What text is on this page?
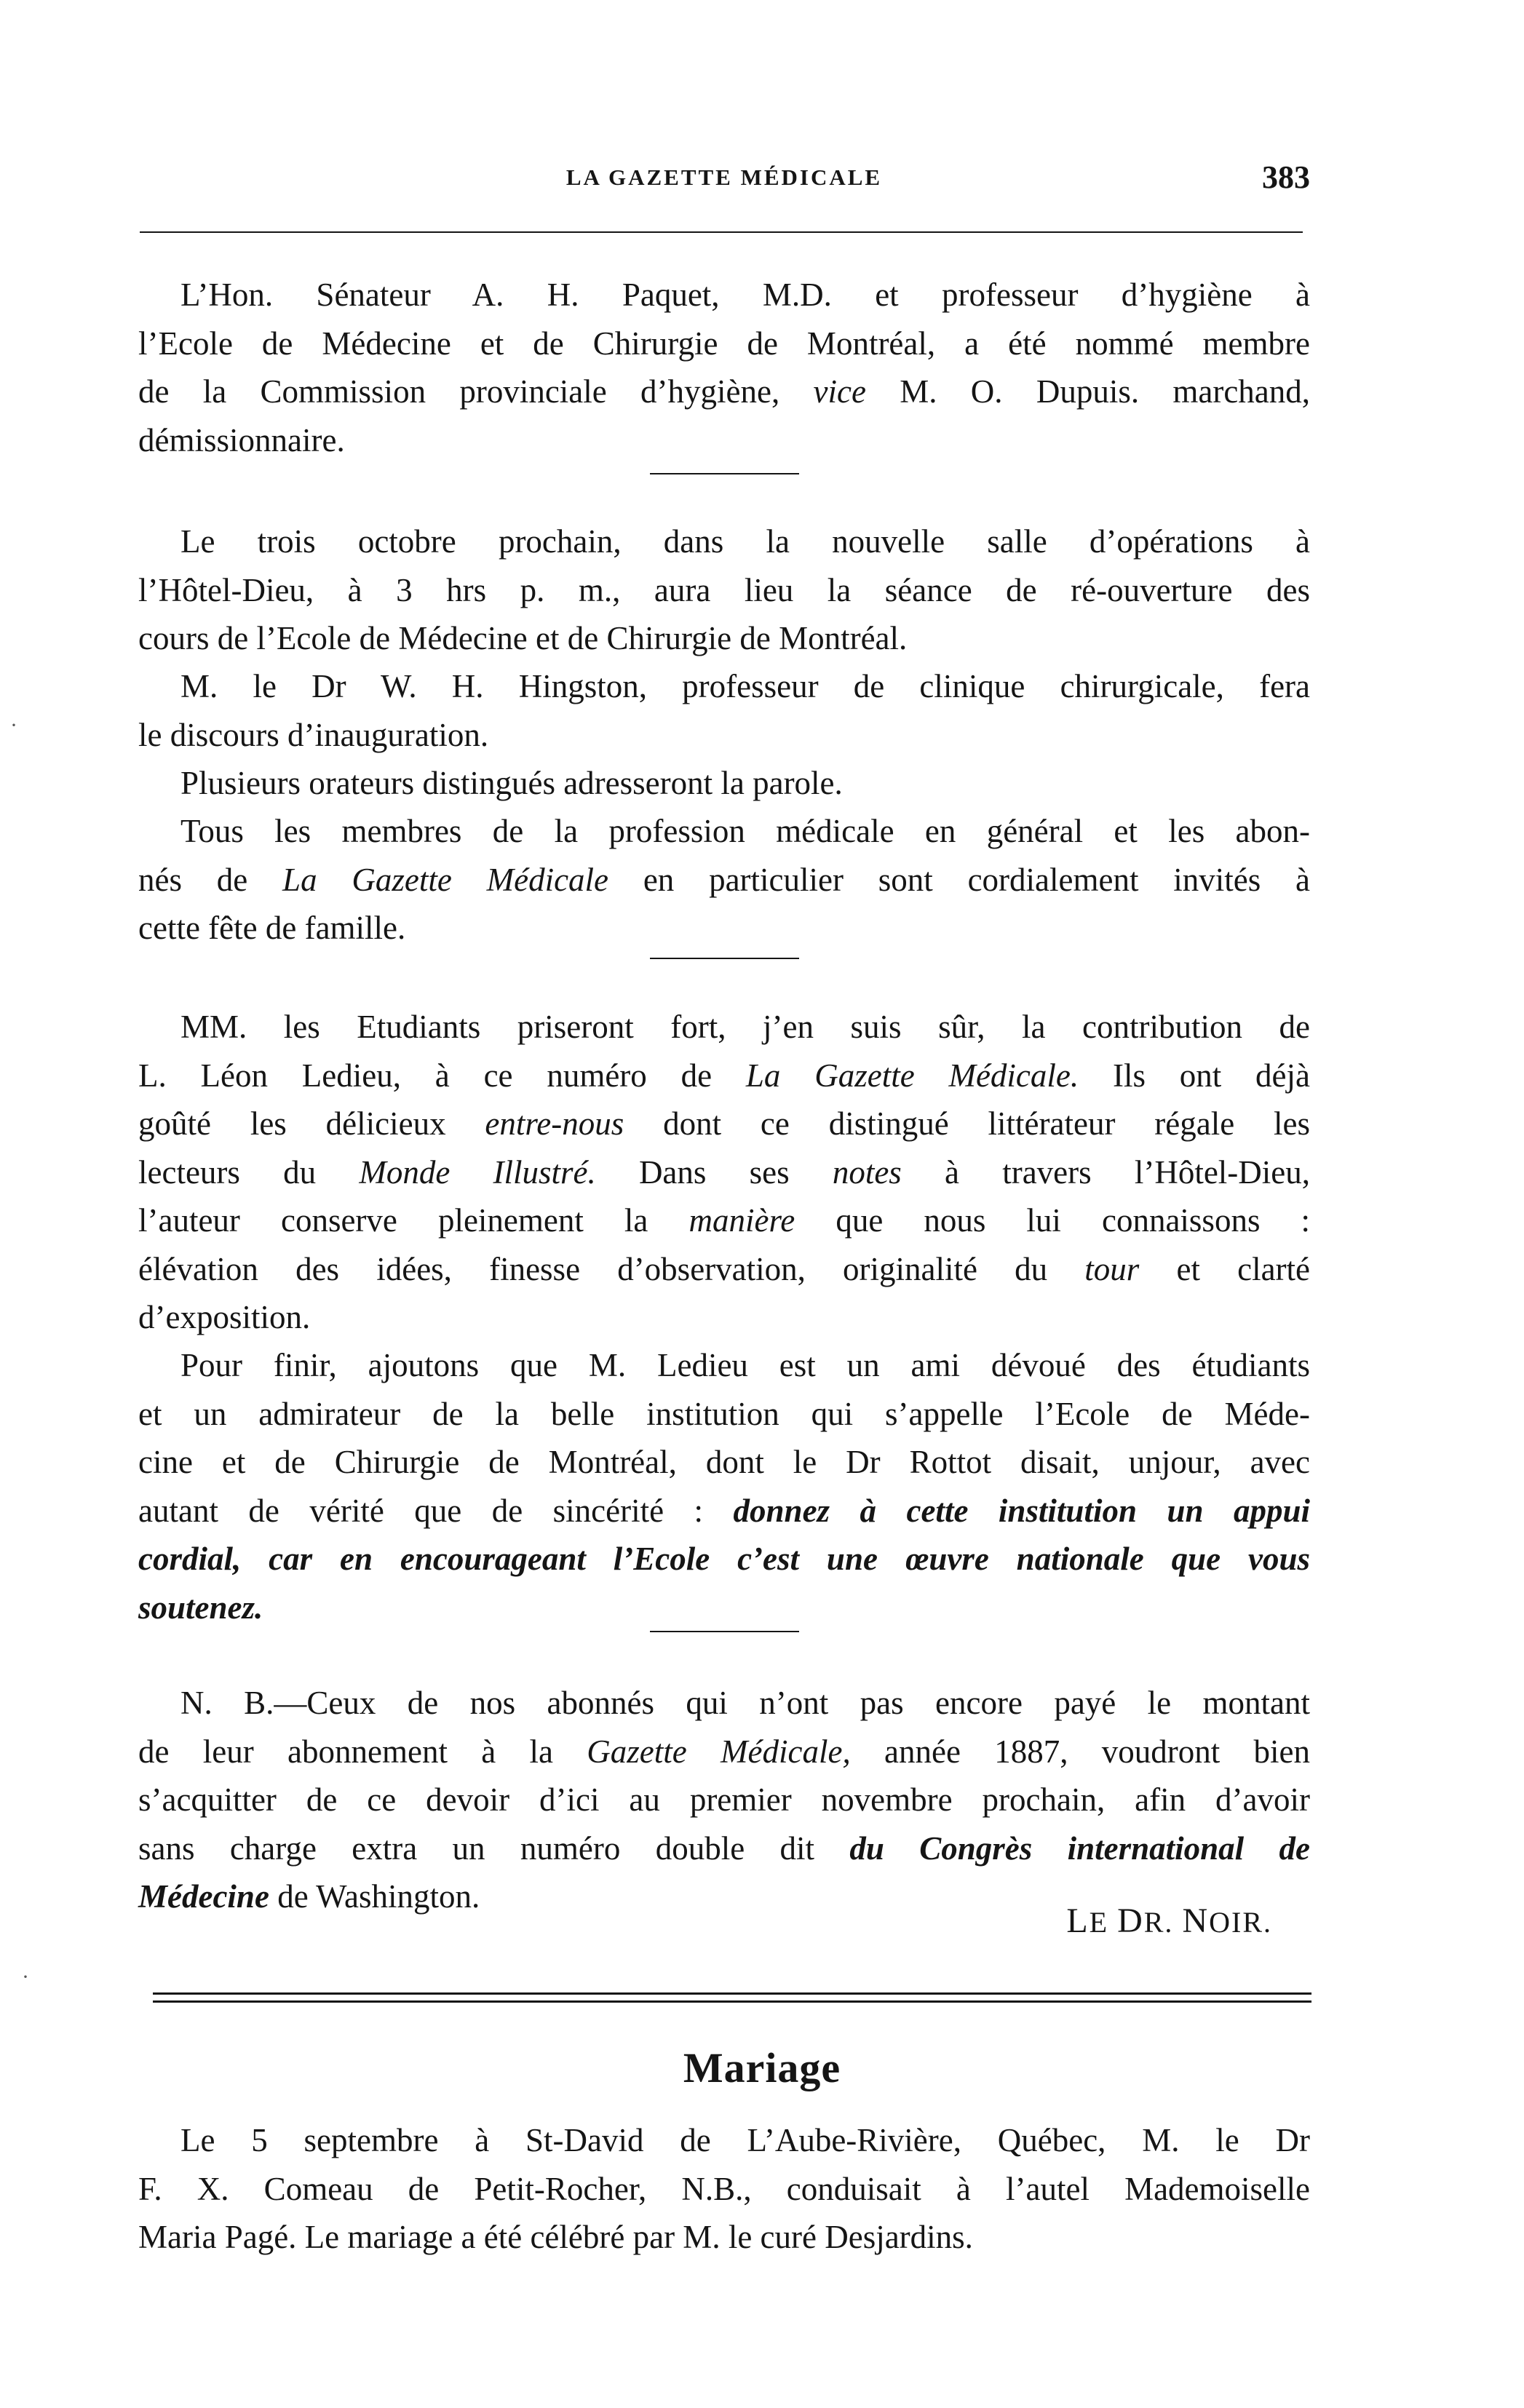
LA GAZETTE MÉDICALE	383
L’Hon. Sénateur A. H. Paquet, M.D. et professeur d’hygiène à
l’Ecole de Médecine et de Chirurgie de Montréal, a été nommé membre
de la Commission provinciale d’hygiène, vice M. O. Dupuis. marchand,
démissionnaire.
Le trois octobre prochain, dans la nouvelle salle d’opérations à
l’Hôtel-Dieu, à 3 hrs p. m., aura lieu la séance de ré-ouverture des
cours de l’Ecole de Médecine et de Chirurgie de Montréal.
M. le Dr W. H. Hingston, professeur de clinique chirurgicale, fera
le discours d’inauguration.
Plusieurs orateurs distingués adresseront la parole.
Tous les membres de la profession médicale en général et les abon-
nés de La Gazette Médicale en particulier sont cordialement invités à
cette fête de famille.
MM. les Etudiants priseront fort, j’en suis sûr, la contribution de
L. Léon Ledieu, à ce numéro de La Gazette Médicale. Ils ont déjà
goûté les délicieux entre-nous dont ce distingué littérateur régale les
lecteurs du Monde Illustré. Dans ses notes à travers l’Hôtel-Dieu,
l’auteur conserve pleinement la manière que nous lui connaissons :
élévation des idées, finesse d’observation, originalité du tour et clarté
d’exposition.
Pour finir, ajoutons que M. Ledieu est un ami dévoué des étudiants
et un admirateur de la belle institution qui s’appelle l’Ecole de Méde-
cine et de Chirurgie de Montréal, dont le Dr Rottot disait, unjour, avec
autant de vérité que de sincérité : donnez à cette institution un appui
cordial, car en encourageant l’Ecole c’est une œuvre nationale que vous
soutenez.
N. B.—Ceux de nos abonnés qui n’ont pas encore payé le montant
de leur abonnement à la Gazette Médicale, année 1887, voudront bien
s’acquitter de ce devoir d’ici au premier novembre prochain, afin d’avoir
sans charge extra un numéro double dit du Congrès international de
Médecine de Washington.
LE DR. NOIR.
Mariage
Le 5 septembre à St-David de L’Aube-Rivière, Québec, M. le Dr
F. X. Comeau de Petit-Rocher, N.B., conduisait à l’autel Mademoiselle
Maria Pagé. Le mariage a été célébré par M. le curé Desjardins.
·
·
